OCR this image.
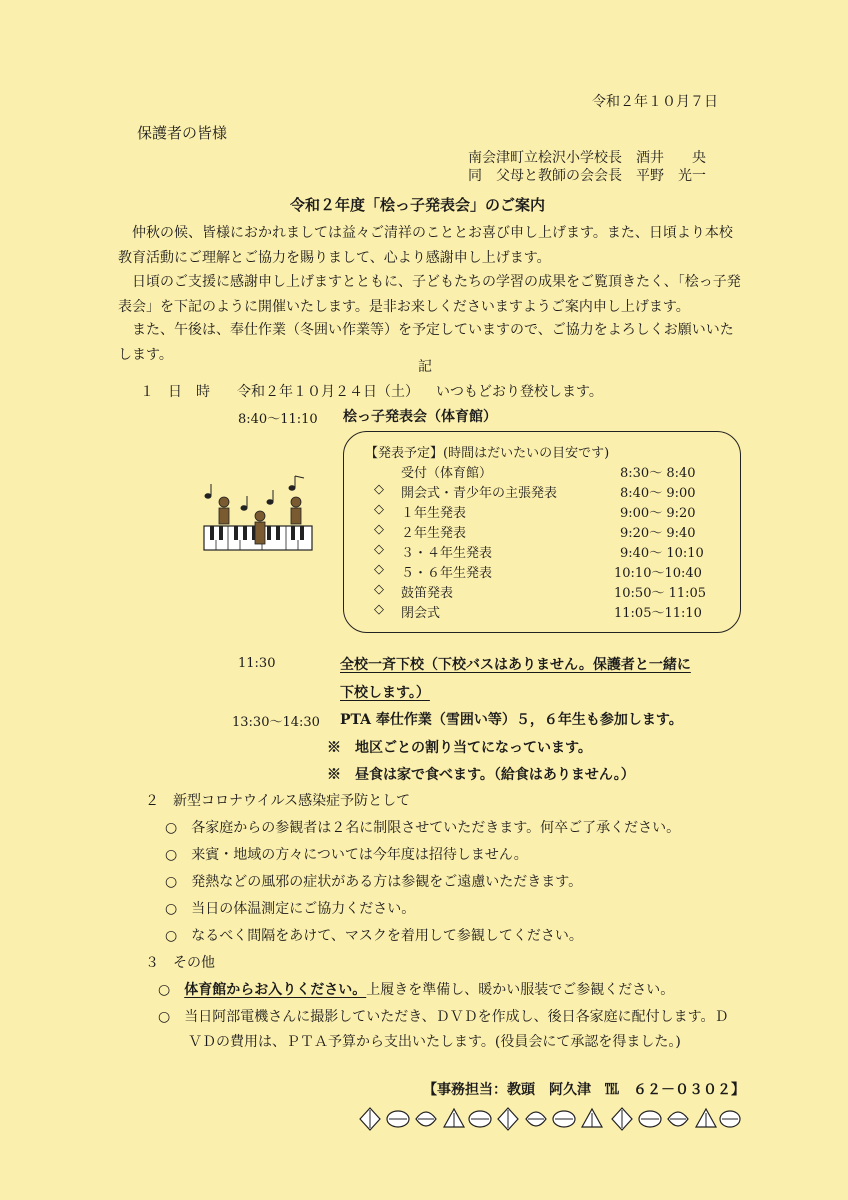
令和２年１０月７日
保護者の皆様
南会津町立桧沢小学校長　酒井　　央
同　父母と教師の会会長　平野　光一
令和２年度「桧っ子発表会」のご案内
仲秋の候、皆様におかれましては益々ご清祥のこととお喜び申し上げます。また、日頃より本校教育活動にご理解とご協力を賜りまして、心より感謝申し上げます。
日頃のご支援に感謝申し上げますとともに、子どもたちの学習の成果をご覧頂きたく、「桧っ子発表会」を下記のように開催いたします。是非お来しくださいますようご案内申し上げます。
また、午後は、奉仕作業（冬囲い作業等）を予定していますので、ご協力をよろしくお願いいたします。
記
１　日　時 令和２年１０月２４日（土） いつもどおり登校します。
8:40～11:10 桧っ子発表会（体育館）
【発表予定】(時間はだいたいの目安です)
受付（体育館）	8:30～ 8:40
◇ 開会式・青少年の主張発表	8:40～ 9:00
◇ １年生発表	9:00～ 9:20
◇ ２年生発表	9:20～ 9:40
◇ ３・４年生発表	9:40～ 10:10
◇ ５・６年生発表	10:10～10:40
◇ 鼓笛発表	10:50～ 11:05
◇ 閉会式	11:05～11:10
11:30	全校一斉下校（下校バスはありません。保護者と一緒に
下校します。）
13:30～14:30 PTA 奉仕作業（雪囲い等）５，６年生も参加します。
※　地区ごとの割り当てになっています。
※　昼食は家で食べます。（給食はありません。）
２　新型コロナウイルス感染症予防として
○　各家庭からの参観者は２名に制限させていただきます。何卒ご了承ください。
○　来賓・地域の方々については今年度は招待しません。
○　発熱などの風邪の症状がある方は参観をご遠慮いただきます。
○　当日の体温測定にご協力ください。
○　なるべく間隔をあけて、マスクを着用して参観してください。
３　その他
○ 体育館からお入りください。上履きを準備し、暖かい服装でご参観ください。
○　当日阿部電機さんに撮影していただき、ＤＶＤを作成し、後日各家庭に配付します。Ｄ
ＶＤの費用は、ＰＴＡ予算から支出いたします。(役員会にて承認を得ました。)
【事務担当：教頭　阿久津　℡　６２－０３０２】
